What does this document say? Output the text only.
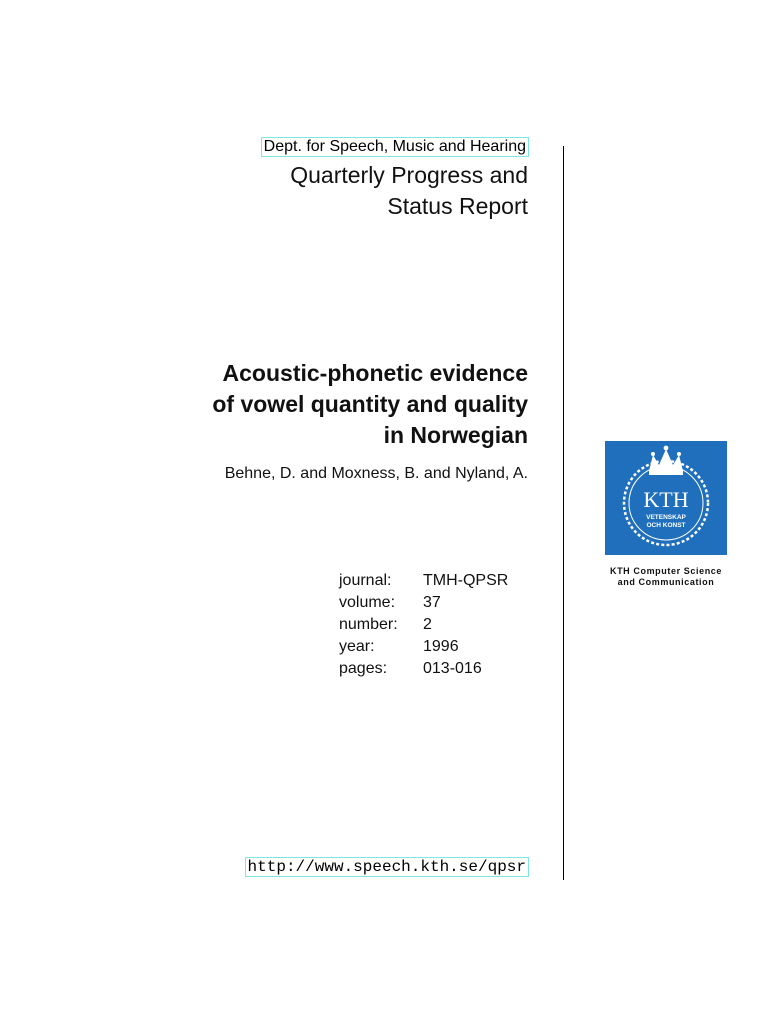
Dept. for Speech, Music and Hearing
Quarterly Progress and
Status Report
Acoustic-phonetic evidence
of vowel quantity and quality
in Norwegian
Behne, D. and Moxness, B. and Nyland, A.
journal:	TMH-QPSR
volume:	37
number:	2
year:	1996
pages:	013-016
http://www.speech.kth.se/qpsr
KTH
VETENSKAP
OCH KONST
KTH Computer Science
and Communication
